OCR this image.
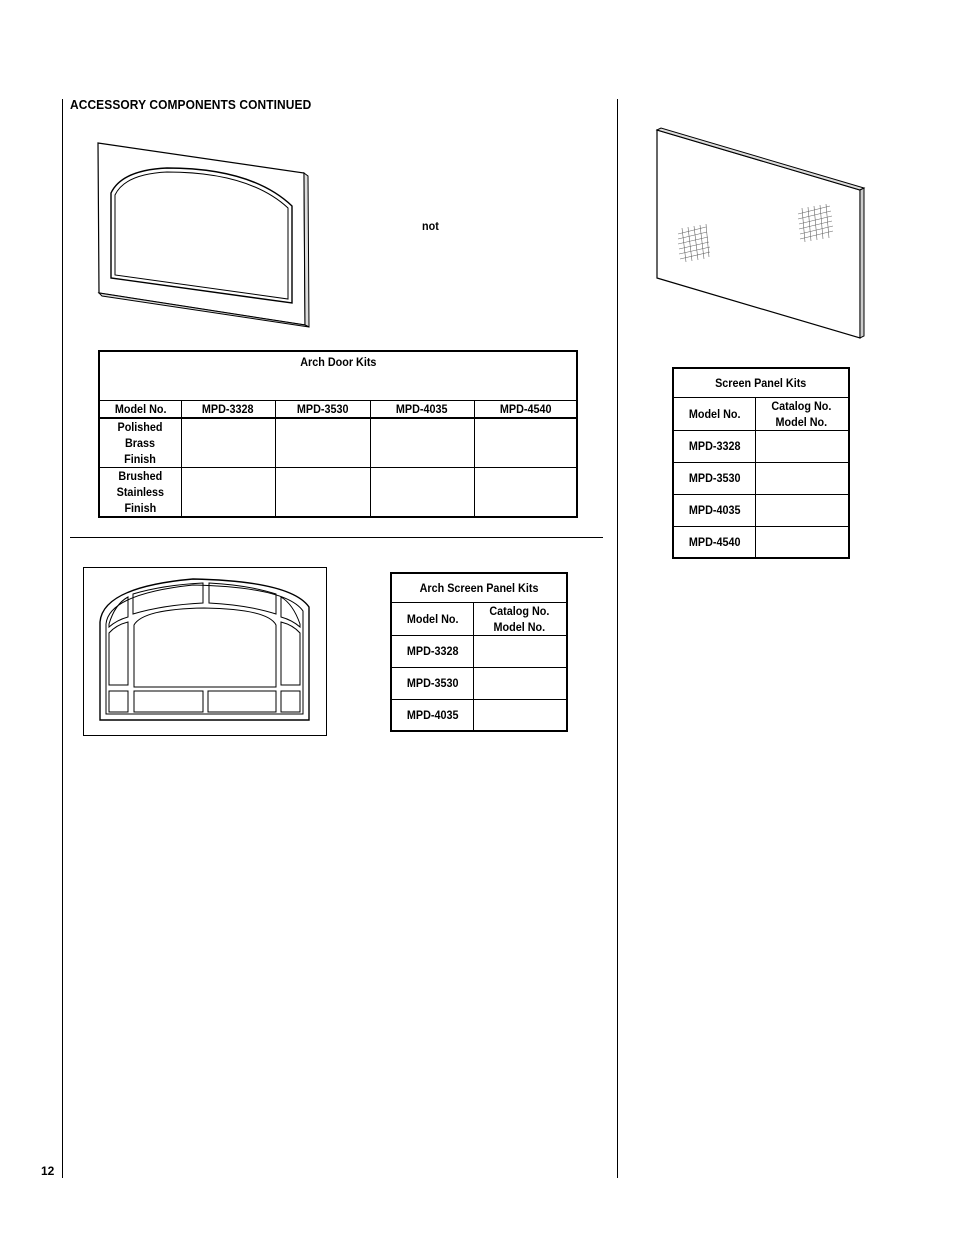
ACCESSORY COMPONENTS CONTINUED
not
Arch Door Kits				
Model No.	MPD-3328	MPD-3530	MPD-4035	MPD-4540
Polished
Brass
Finish				
Brushed
Stainless
Finish				
Arch Screen Panel Kits	
Model No.	Catalog No.
Model No.
MPD-3328	
MPD-3530	
MPD-4035	
Screen Panel Kits	
Model No.	Catalog No.
Model No.
MPD-3328	
MPD-3530	
MPD-4035	
MPD-4540	
12
